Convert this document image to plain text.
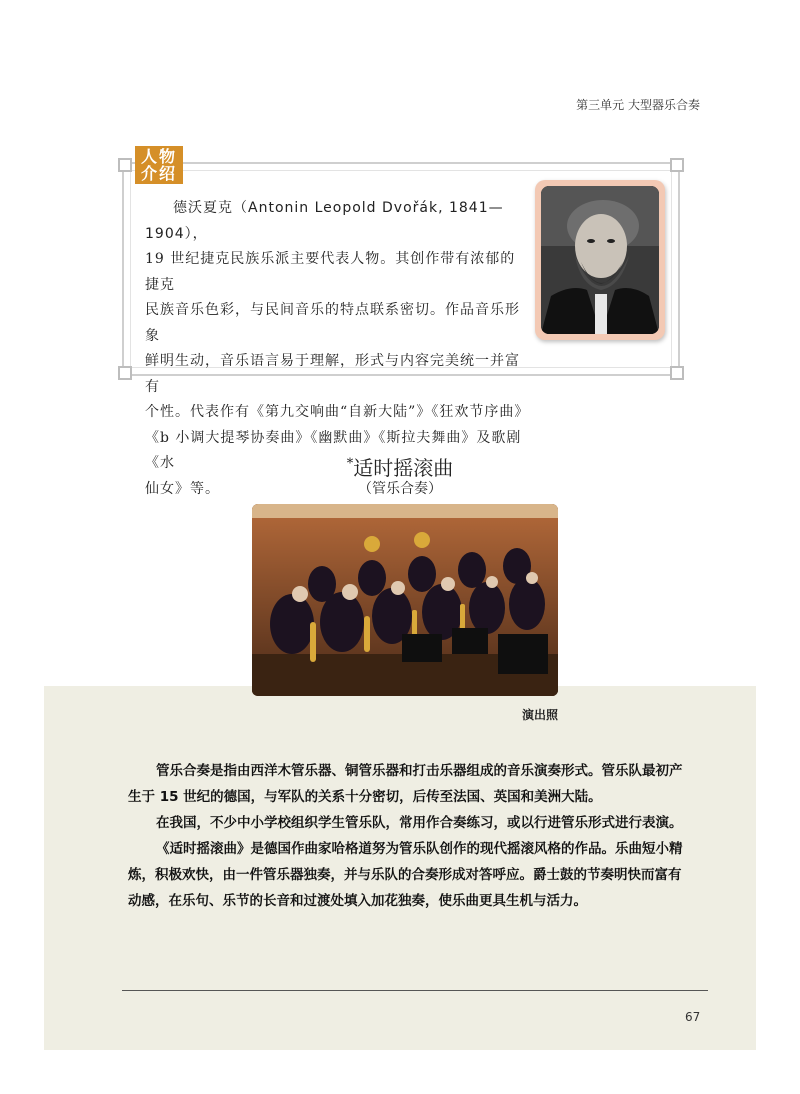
第三单元 大型器乐合奏
人物
介绍
德沃夏克（Antonin Leopold Dvořák, 1841—1904），
19 世纪捷克民族乐派主要代表人物。其创作带有浓郁的捷克
民族音乐色彩，与民间音乐的特点联系密切。作品音乐形象
鲜明生动，音乐语言易于理解，形式与内容完美统一并富有
个性。代表作有《第九交响曲“自新大陆”》《狂欢节序曲》
《b 小调大提琴协奏曲》《幽默曲》《斯拉夫舞曲》及歌剧《水
仙女》等。
*适时摇滚曲
（管乐合奏）
演出照

管乐合奏是指由西洋木管乐器、铜管乐器和打击乐器组成的音乐演奏形式。管乐队最初产生于 15 世纪的德国，与军队的关系十分密切，后传至法国、英国和美洲大陆。

在我国，不少中小学校组织学生管乐队，常用作合奏练习，或以行进管乐形式进行表演。

《适时摇滚曲》是德国作曲家哈格道努为管乐队创作的现代摇滚风格的作品。乐曲短小精炼，积极欢快，由一件管乐器独奏，并与乐队的合奏形成对答呼应。爵士鼓的节奏明快而富有动感，在乐句、乐节的长音和过渡处填入加花独奏，使乐曲更具生机与活力。

67
